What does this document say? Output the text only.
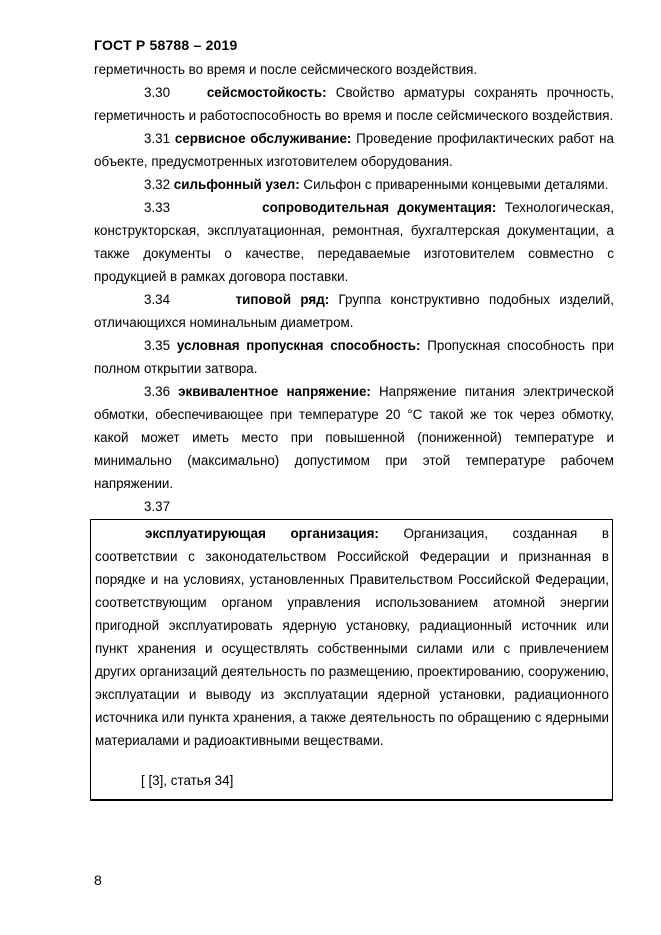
ГОСТ Р 58788 – 2019
герметичность во время и после сейсмического воздействия.
3.30	сейсмостойкость: Свойство арматуры сохранять прочность, герметичность и работоспособность во время и после сейсмического воздействия.
3.31 сервисное обслуживание: Проведение профилактических работ на объекте, предусмотренных изготовителем оборудования.
3.32 сильфонный узел: Сильфон с приваренными концевыми деталями.
3.33	сопроводительная документация: Технологическая, конструкторская, эксплуатационная, ремонтная, бухгалтерская документации, а также документы о качестве, передаваемые изготовителем совместно с продукцией в рамках договора поставки.
3.34	типовой ряд: Группа конструктивно подобных изделий, отличающихся номинальным диаметром.
3.35 условная пропускная способность: Пропускная способность при полном открытии затвора.
3.36 эквивалентное напряжение: Напряжение питания электрической обмотки, обеспечивающее при температуре 20 °С такой же ток через обмотку, какой может иметь место при повышенной (пониженной) температуре и минимально (максимально) допустимом при этой температуре рабочем напряжении.
3.37
эксплуатирующая организация: Организация, созданная в соответствии с законодательством Российской Федерации и признанная в порядке и на условиях, установленных Правительством Российской Федерации, соответствующим органом управления использованием атомной энергии пригодной эксплуатировать ядерную установку, радиационный источник или пункт хранения и осуществлять собственными силами или с привлечением других организаций деятельность по размещению, проектированию, сооружению, эксплуатации и выводу из эксплуатации ядерной установки, радиационного источника или пункта хранения, а также деятельность по обращению с ядерными материалами и радиоактивными веществами.
[ [3], статья 34]
8
